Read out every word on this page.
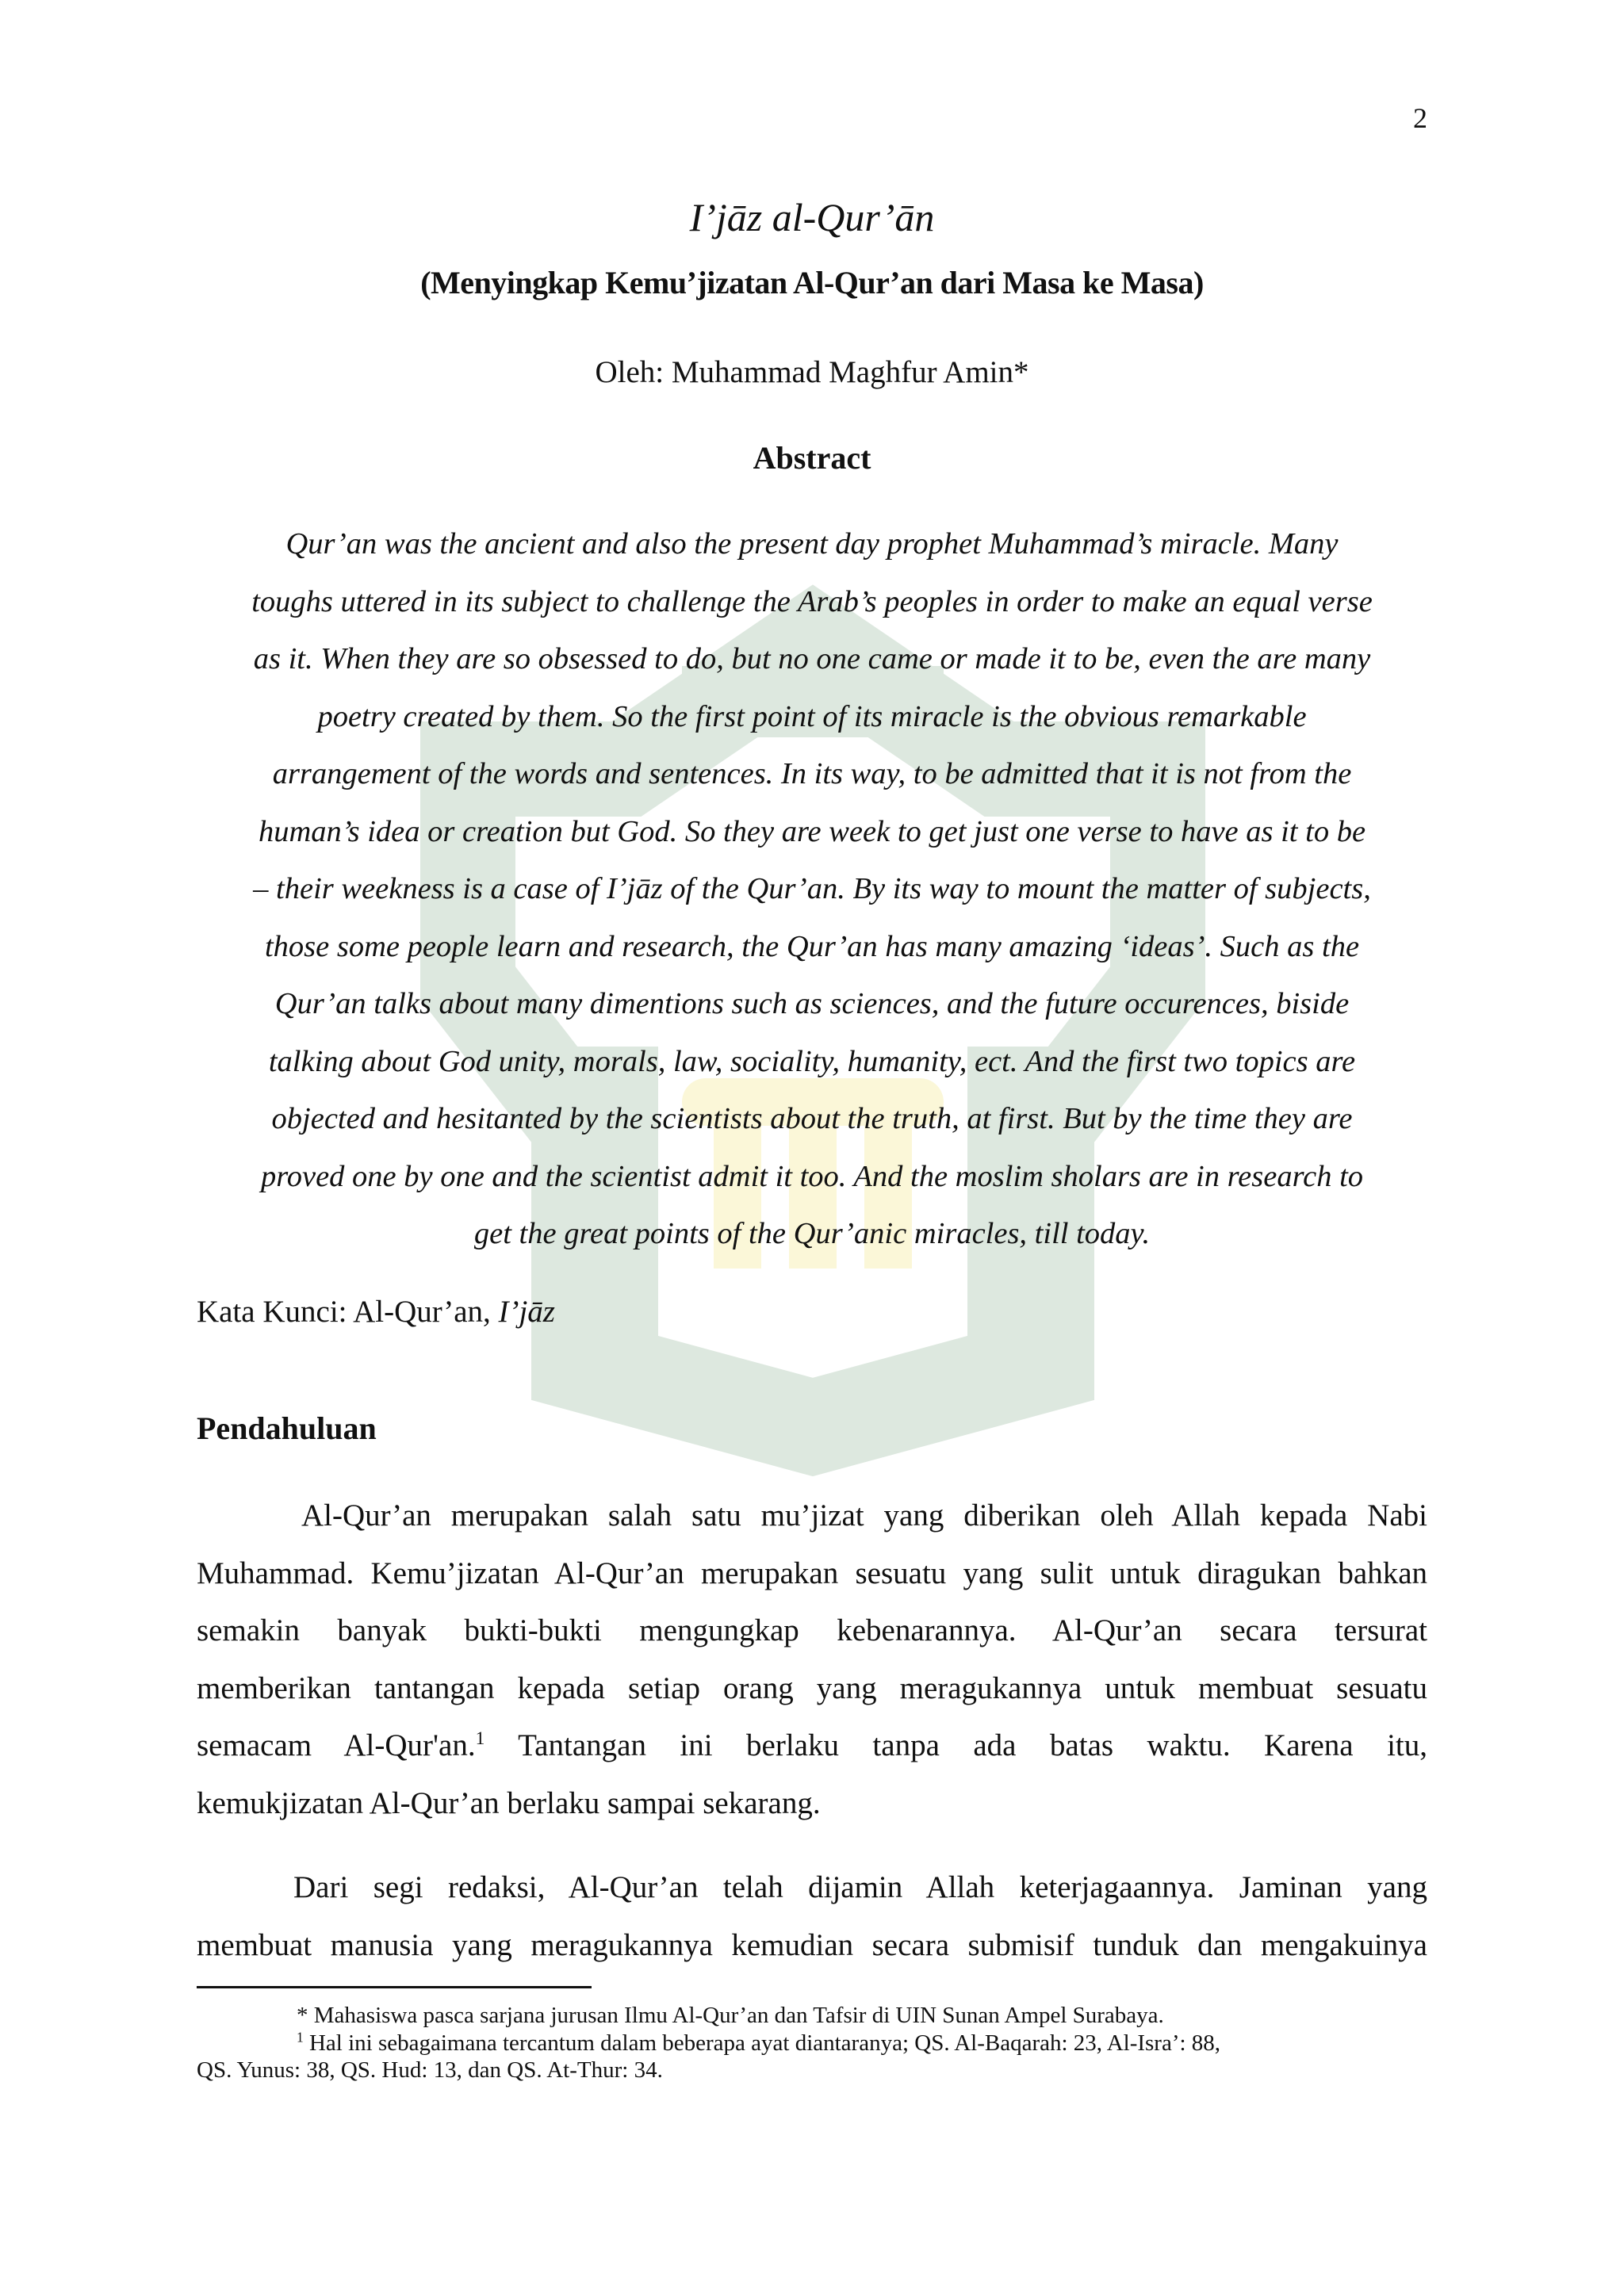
2
I’jāz al-Qur’ān
(Menyingkap Kemu’jizatan Al-Qur’an dari Masa ke Masa)
Oleh: Muhammad Maghfur Amin*
Abstract
Qur’an was the ancient and also the present day prophet Muhammad’s miracle. Many
toughs uttered in its subject to challenge the Arab’s peoples in order to make an equal verse
as it. When they are so obsessed to do, but no one came or made it to be, even the are many
poetry created by them. So the first point of its miracle is the obvious remarkable
arrangement of the words and sentences. In its way, to be admitted that it is not from the
human’s idea or creation but God. So they are week to get just one verse to have as it to be
– their weekness is a case of I’jāz of the Qur’an. By its way to mount the matter of subjects,
those some people learn and research, the Qur’an has many amazing ‘ideas’. Such as the
Qur’an talks about many dimentions such as sciences, and the future occurences, biside
talking about God unity, morals, law, sociality, humanity, ect. And the first two topics are
objected and hesitanted by the scientists about the truth, at first. But by the time they are
proved one by one and the scientist admit it too. And the moslim sholars are in research to
get the great points of the Qur’anic miracles, till today.
Kata Kunci: Al-Qur’an, I’jāz
Pendahuluan
Al-Qur’an merupakan salah satu mu’jizat yang diberikan oleh Allah kepada Nabi
Muhammad. Kemu’jizatan Al-Qur’an merupakan sesuatu yang sulit untuk diragukan bahkan
semakin banyak bukti-bukti mengungkap kebenarannya. Al-Qur’an secara tersurat
memberikan tantangan kepada setiap orang yang meragukannya untuk membuat sesuatu
semacam Al-Qur'an.$^1$ Tantangan ini berlaku tanpa ada batas waktu. Karena itu,
kemukjizatan Al-Qur’an berlaku sampai sekarang.
Dari segi redaksi, Al-Qur’an telah dijamin Allah keterjagaannya. Jaminan yang
membuat manusia yang meragukannya kemudian secara submisif tunduk dan mengakuinya
* Mahasiswa pasca sarjana jurusan Ilmu Al-Qur’an dan Tafsir di UIN Sunan Ampel Surabaya.
$^1$ Hal ini sebagaimana tercantum dalam beberapa ayat diantaranya; QS. Al-Baqarah: 23, Al-Isra’: 88,
QS. Yunus: 38, QS. Hud: 13, dan QS. At-Thur: 34.
